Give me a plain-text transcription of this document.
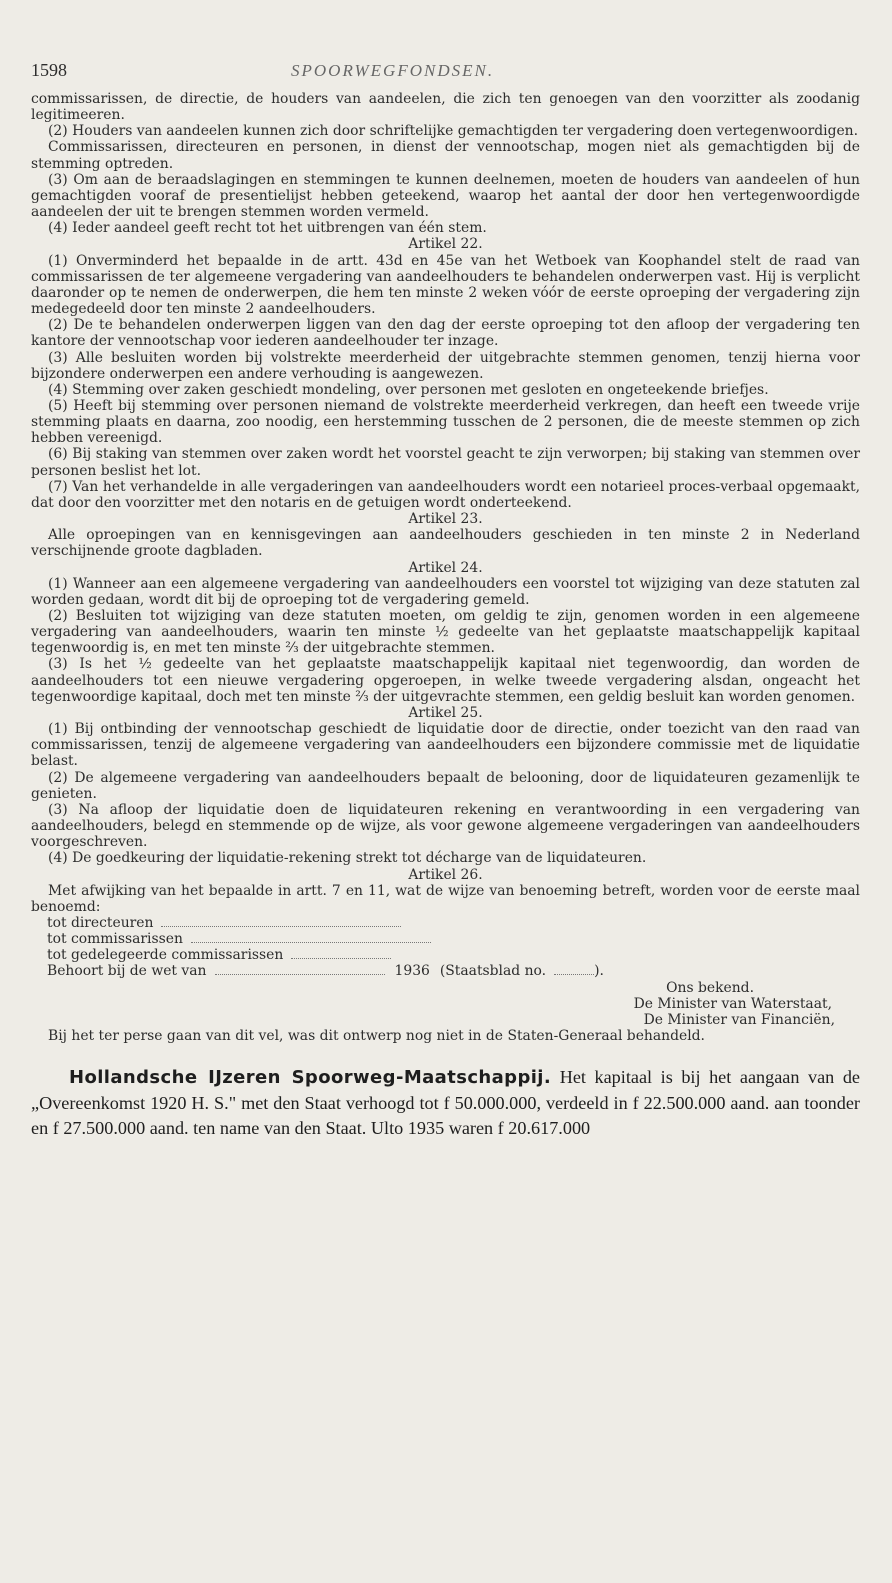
1598	SPOORWEGFONDSEN.
commissarissen, de directie, de houders van aandeelen, die zich ten genoegen van den voorzitter als zoodanig legitimeeren.
(2) Houders van aandeelen kunnen zich door schriftelijke gemachtigden ter vergadering doen vertegenwoordigen.
Commissarissen, directeuren en personen, in dienst der vennootschap, mogen niet als gemachtigden bij de stemming optreden.
(3) Om aan de beraadslagingen en stemmingen te kunnen deelnemen, moeten de houders van aandeelen of hun gemachtigden vooraf de presentielijst hebben geteekend, waarop het aantal der door hen vertegenwoordigde aandeelen der uit te brengen stemmen worden vermeld.
(4) Ieder aandeel geeft recht tot het uitbrengen van één stem.
Artikel 22.
(1) Onverminderd het bepaalde in de artt. 43d en 45e van het Wetboek van Koophandel stelt de raad van commissarissen de ter algemeene vergadering van aandeelhouders te behandelen onderwerpen vast. Hij is verplicht daaronder op te nemen de onderwerpen, die hem ten minste 2 weken vóór de eerste oproeping der vergadering zijn medegedeeld door ten minste 2 aandeelhouders.
(2) De te behandelen onderwerpen liggen van den dag der eerste oproeping tot den afloop der vergadering ten kantore der vennootschap voor iederen aandeelhouder ter inzage.
(3) Alle besluiten worden bij volstrekte meerderheid der uitgebrachte stemmen genomen, tenzij hierna voor bijzondere onderwerpen een andere verhouding is aangewezen.
(4) Stemming over zaken geschiedt mondeling, over personen met gesloten en ongeteekende briefjes.
(5) Heeft bij stemming over personen niemand de volstrekte meerderheid verkregen, dan heeft een tweede vrije stemming plaats en daarna, zoo noodig, een herstemming tusschen de 2 personen, die de meeste stemmen op zich hebben vereenigd.
(6) Bij staking van stemmen over zaken wordt het voorstel geacht te zijn verworpen; bij staking van stemmen over personen beslist het lot.
(7) Van het verhandelde in alle vergaderingen van aandeelhouders wordt een notarieel proces-verbaal opgemaakt, dat door den voorzitter met den notaris en de getuigen wordt onderteekend.
Artikel 23.
Alle oproepingen van en kennisgevingen aan aandeelhouders geschieden in ten minste 2 in Nederland verschijnende groote dagbladen.
Artikel 24.
(1) Wanneer aan een algemeene vergadering van aandeelhouders een voorstel tot wijziging van deze statuten zal worden gedaan, wordt dit bij de oproeping tot de vergadering gemeld.
(2) Besluiten tot wijziging van deze statuten moeten, om geldig te zijn, genomen worden in een algemeene vergadering van aandeelhouders, waarin ten minste ½ gedeelte van het geplaatste maatschappelijk kapitaal tegenwoordig is, en met ten minste ⅔ der uitgebrachte stemmen.
(3) Is het ½ gedeelte van het geplaatste maatschappelijk kapitaal niet tegenwoordig, dan worden de aandeelhouders tot een nieuwe vergadering opgeroepen, in welke tweede vergadering alsdan, ongeacht het tegenwoordige kapitaal, doch met ten minste ⅔ der uitgevrachte stemmen, een geldig besluit kan worden genomen.
Artikel 25.
(1) Bij ontbinding der vennootschap geschiedt de liquidatie door de directie, onder toezicht van den raad van commissarissen, tenzij de algemeene vergadering van aandeelhouders een bijzondere commissie met de liquidatie belast.
(2) De algemeene vergadering van aandeelhouders bepaalt de belooning, door de liquidateuren gezamenlijk te genieten.
(3) Na afloop der liquidatie doen de liquidateuren rekening en verantwoording in een vergadering van aandeelhouders, belegd en stemmende op de wijze, als voor gewone algemeene vergaderingen van aandeelhouders voorgeschreven.
(4) De goedkeuring der liquidatie-rekening strekt tot décharge van de liquidateuren.
Artikel 26.
Met afwijking van het bepaalde in artt. 7 en 11, wat de wijze van benoeming betreft, worden voor de eerste maal benoemd:
tot directeuren
tot commissarissen
tot gedelegeerde commissarissen
Behoort bij de wet van	1936 (Staatsblad no.	).
Ons bekend.
De Minister van Waterstaat,
De Minister van Financiën,
Bij het ter perse gaan van dit vel, was dit ontwerp nog niet in de Staten-Generaal behandeld.
Hollandsche IJzeren Spoorweg-Maatschappij. Het kapitaal is bij het aangaan van de „Overeenkomst 1920 H. S." met den Staat verhoogd tot f 50.000.000, verdeeld in f 22.500.000 aand. aan toonder en f 27.500.000 aand. ten name van den Staat. Ulto 1935 waren f 20.617.000
